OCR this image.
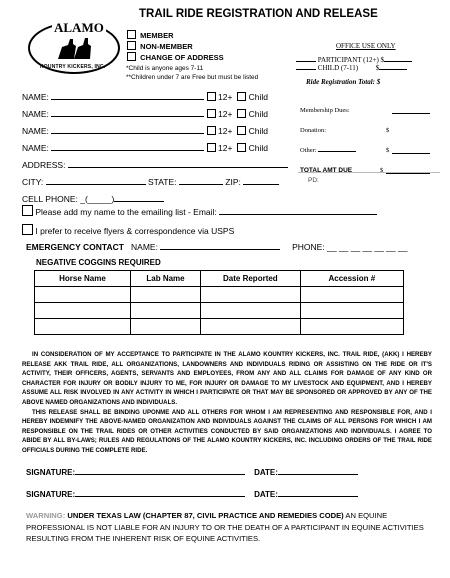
ALAMO
KOUNTRY KICKERS, INC.
TRAIL RIDE REGISTRATION AND RELEASE
MEMBER
NON-MEMBER
CHANGE OF ADDRESS
*Child is anyone ages 7-11
**Children under 7 are Free but must be listed
OFFICE USE ONLY
PARTICIPANT (12+) $
CHILD (7-11)	$
Ride Registration Total: $
Membership Dues:
Donation:	$
Other:	$
TOTAL AMT DUE	$
PD:
NAME:	12+ Child
NAME:	12+ Child
NAME:	12+ Child
NAME:	12+ Child
ADDRESS:
CITY:	STATE:	ZIP:
CELL PHONE: _(_____)
Please add my name to the emailing list - Email:
I prefer to receive flyers & correspondence via USPS
EMERGENCY CONTACT NAME:	PHONE: __ __ __ __ __ __ __
NEGATIVE COGGINS REQUIRED
Horse Name	Lab Name	Date Reported	Accession #

IN CONSIDERATION OF MY ACCEPTANCE TO PARTICIPATE IN THE ALAMO KOUNTRY KICKERS, INC. TRAIL RIDE, (AKK) I HEREBY RELEASE AKK TRAIL RIDE, ALL ORGANIZATIONS, LANDOWNERS AND INDIVIDUALS RIDING OR ASSISTING ON THE RIDE OR IT'S ACTIVITY, THEIR OFFICERS, AGENTS, SERVANTS AND EMPLOYEES, FROM ANY AND ALL CLAIMS FOR DAMAGE OF ANY KIND OR CHARACTER FOR INJURY OR BODILY INJURY TO ME, FOR INJURY OR DAMAGE TO MY LIVESTOCK AND EQUIPMENT, AND I HEREBY ASSUME ALL RISK INVOLVED IN ANY ACTIVITY IN WHICH I PARTICIPATE OR THAT MAY BE SPONSORED OR APPROVED BY ANY OF THE ABOVE NAMED ORGANIZATIONS AND INDIVIDUALS.

THIS RELEASE SHALL BE BINDING UPONME AND ALL OTHERS FOR WHOM I AM REPRESENTING AND RESPONSIBLE FOR, AND I HEREBY INDEMNIFY THE ABOVE-NAMED ORGANIZATION AND INDIVIDUALS AGAINST THE CLAIMS OF ALL PERSONS FOR WHICH I AM RESPONSIBLE ON THE TRAIL RIDES OR OTHER ACTIVITIES CONDUCTED BY SAID ORGANIZATIONS AND INDIVIDUALS. I AGREE TO ABIDE BY ALL BY-LAWS; RULES AND REGULATIONS OF THE ALAMO KOUNTRY KICKERS, INC. INCLUDING ORDERS OF THE TRAIL RIDE OFFICIALS DURING THE COMPLETE RIDE.

SIGNATURE:	DATE:
SIGNATURE:	DATE:
WARNING: UNDER TEXAS LAW (CHAPTER 87, CIVIL PRACTICE AND REMEDIES CODE) AN EQUINE PROFESSIONAL IS NOT LIABLE FOR AN INJURY TO OR THE DEATH OF A PARTICIPANT IN EQUINE ACTIVITIES RESULTING FROM THE INHERENT RISK OF EQUINE ACTIVITIES.
